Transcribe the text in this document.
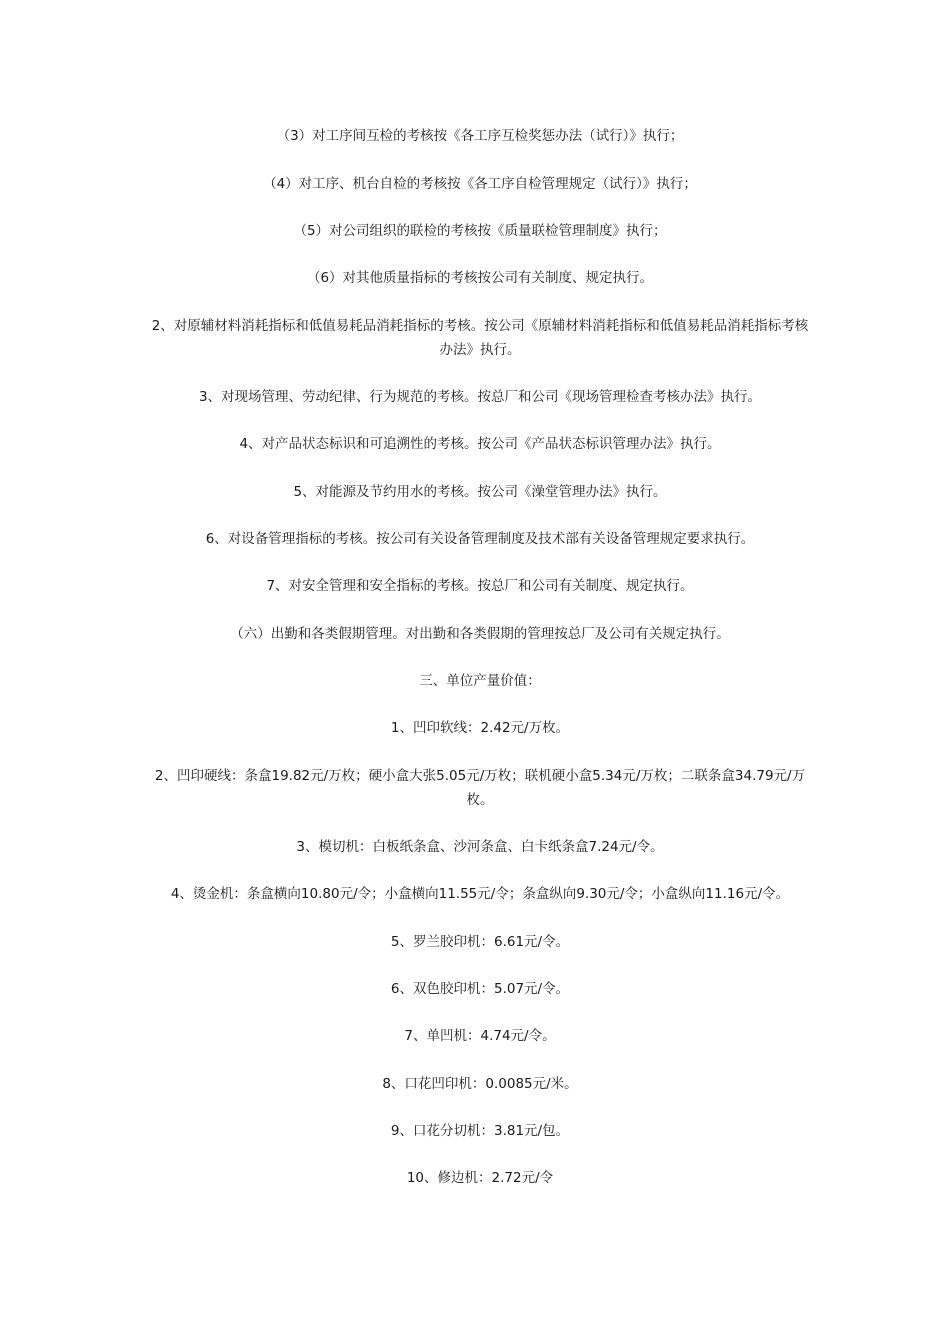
（3）对工序间互检的考核按《各工序互检奖惩办法（试行）》执行；
（4）对工序、机台自检的考核按《各工序自检管理规定（试行）》执行；
（5）对公司组织的联检的考核按《质量联检管理制度》执行；
（6）对其他质量指标的考核按公司有关制度、规定执行。
2、对原辅材料消耗指标和低值易耗品消耗指标的考核。按公司《原辅材料消耗指标和低值易耗品消耗指标考核办法》执行。
3、对现场管理、劳动纪律、行为规范的考核。按总厂和公司《现场管理检查考核办法》执行。
4、对产品状态标识和可追溯性的考核。按公司《产品状态标识管理办法》执行。
5、对能源及节约用水的考核。按公司《澡堂管理办法》执行。
6、对设备管理指标的考核。按公司有关设备管理制度及技术部有关设备管理规定要求执行。
7、对安全管理和安全指标的考核。按总厂和公司有关制度、规定执行。
（六）出勤和各类假期管理。对出勤和各类假期的管理按总厂及公司有关规定执行。
三、单位产量价值：
1、凹印软线：2.42元/万枚。
2、凹印硬线：条盒19.82元/万枚；硬小盒大张5.05元/万枚；联机硬小盒5.34元/万枚；二联条盒34.79元/万枚。
3、模切机：白板纸条盒、沙河条盒、白卡纸条盒7.24元/令。
4、烫金机：条盒横向10.80元/令；小盒横向11.55元/令；条盒纵向9.30元/令；小盒纵向11.16元/令。
5、罗兰胶印机：6.61元/令。
6、双色胶印机：5.07元/令。
7、单凹机：4.74元/令。
8、口花凹印机：0.0085元/米。
9、口花分切机：3.81元/包。
10、修边机：2.72元/令
